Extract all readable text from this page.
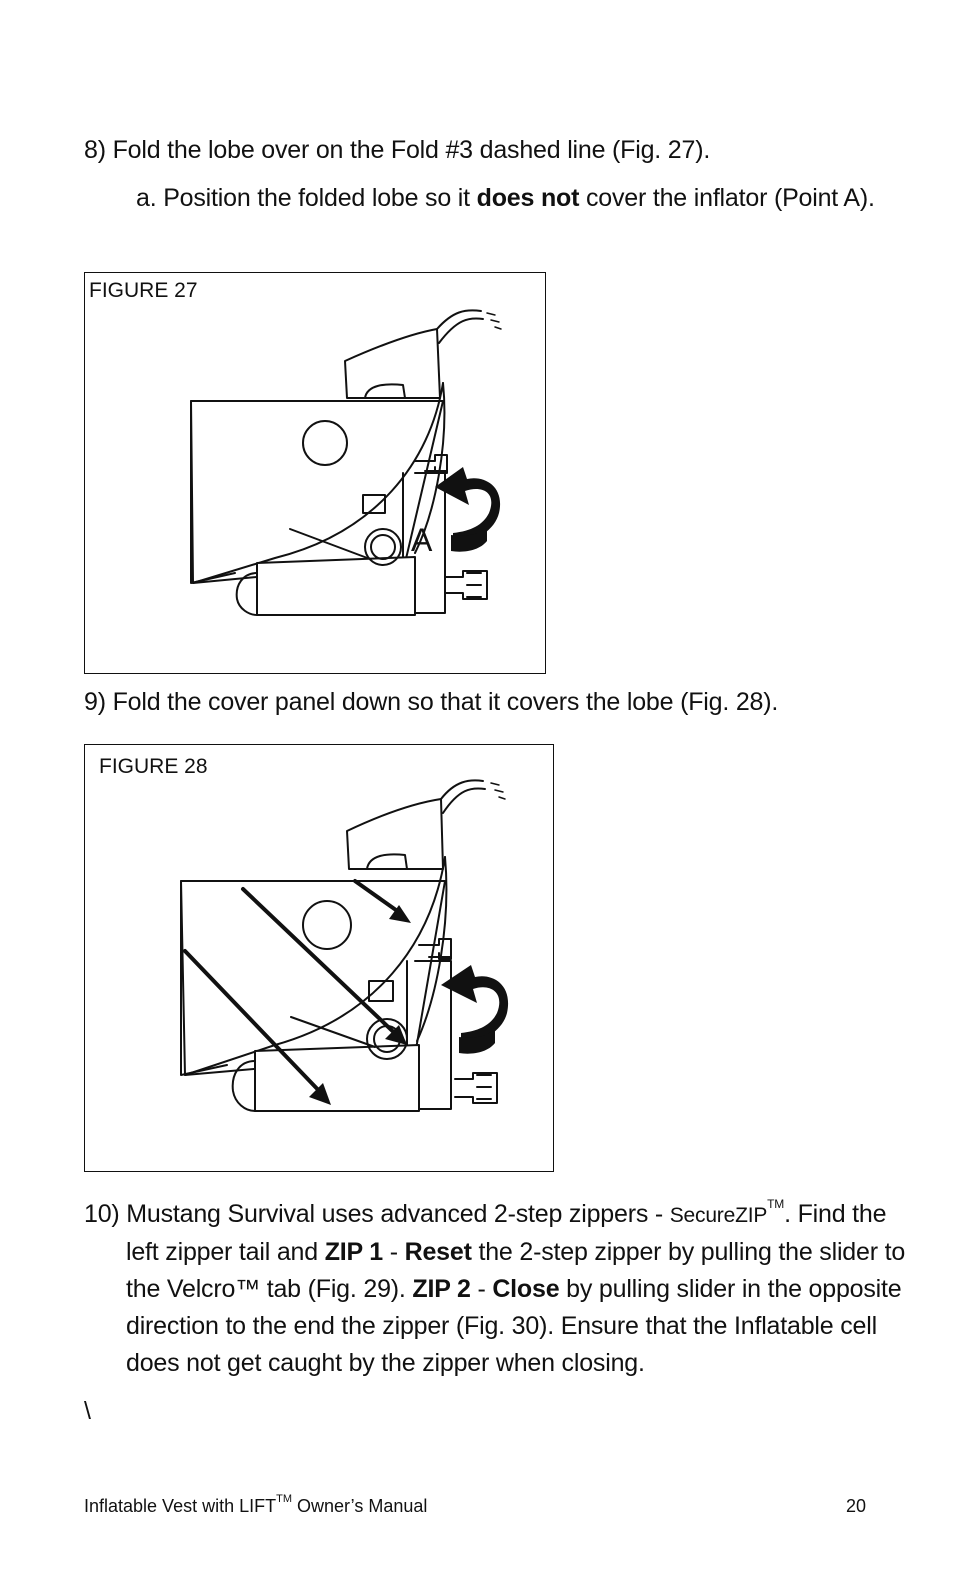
8) Fold the lobe over on the Fold #3 dashed line (Fig. 27).
a. Position the folded lobe so it does not cover the inflator (Point A).
A
FIGURE 27
9) Fold the cover panel down so that it covers the lobe (Fig. 28).
FIGURE 28
10) Mustang Survival uses advanced 2-step zippers - SecureZIP™. Find the left zipper tail and ZIP 1 - Reset the 2-step zipper by pulling the slider to the Velcro™ tab (Fig. 29). ZIP 2 - Close by pulling slider in the opposite direction to the end the zipper (Fig. 30). Ensure that the Inflatable cell does not get caught by the zipper when closing.
\
Inflatable Vest with LIFT™ Owner’s Manual	20
